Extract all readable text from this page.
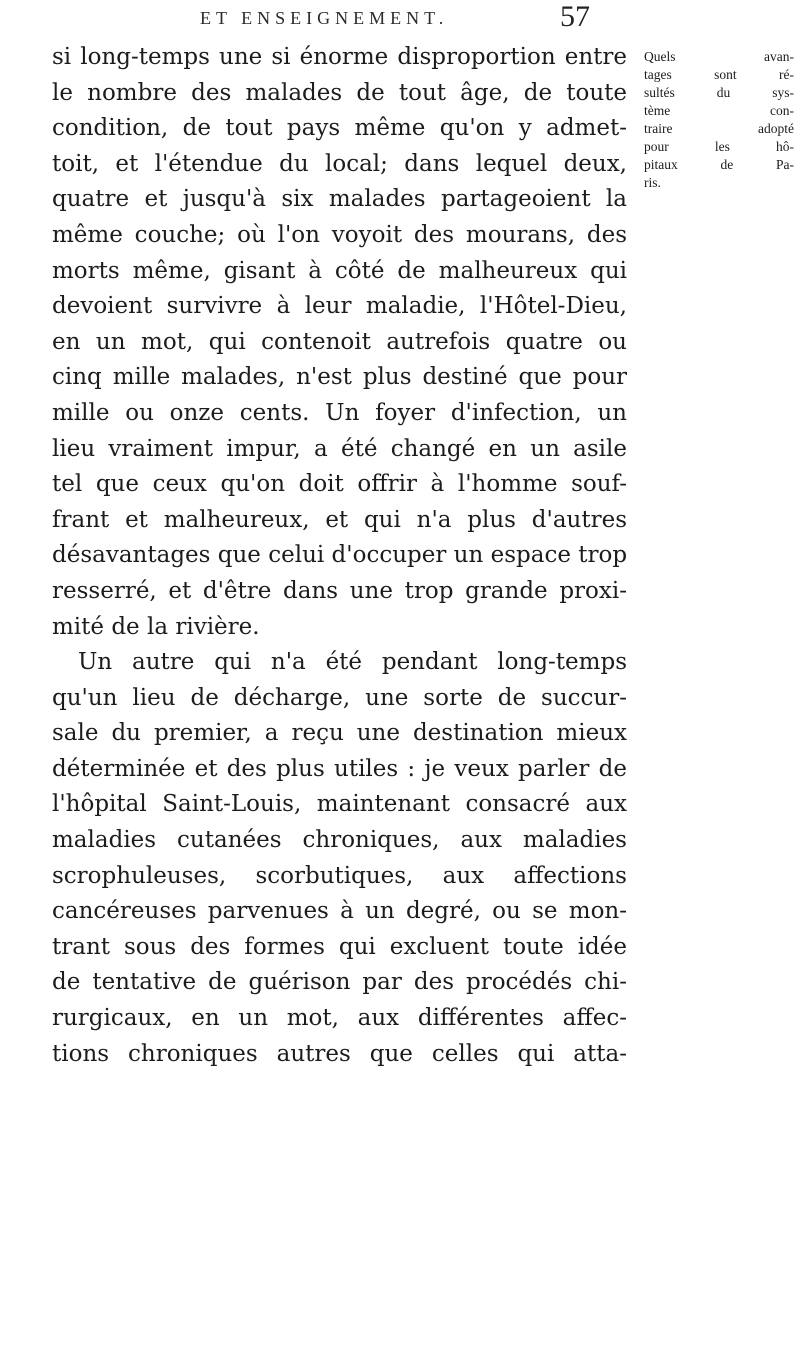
ET ENSEIGNEMENT.	57
si long-temps une si énorme disproportion entre
le nombre des malades de tout âge, de toute
condition, de tout pays même qu'on y admet-
toit, et l'étendue du local; dans lequel deux,
quatre et jusqu'à six malades partageoient la
même couche; où l'on voyoit des mourans, des
morts même, gisant à côté de malheureux qui
devoient survivre à leur maladie, l'Hôtel-Dieu,
en un mot, qui contenoit autrefois quatre ou
cinq mille malades, n'est plus destiné que pour
mille ou onze cents. Un foyer d'infection, un
lieu vraiment impur, a été changé en un asile
tel que ceux qu'on doit offrir à l'homme souf-
frant et malheureux, et qui n'a plus d'autres
désavantages que celui d'occuper un espace trop
resserré, et d'être dans une trop grande proxi-
mité de la rivière.
Un autre qui n'a été pendant long-temps
qu'un lieu de décharge, une sorte de succur-
sale du premier, a reçu une destination mieux
déterminée et des plus utiles : je veux parler de
l'hôpital Saint-Louis, maintenant consacré aux
maladies cutanées chroniques, aux maladies
scrophuleuses, scorbutiques, aux affections
cancéreuses parvenues à un degré, ou se mon-
trant sous des formes qui excluent toute idée
de tentative de guérison par des procédés chi-
rurgicaux, en un mot, aux différentes affec-
tions chroniques autres que celles qui atta-
Quels avan-
tages sont ré-
sultés du sys-
tème con-
traire adopté
pour les hô-
pitaux de Pa-
ris.
